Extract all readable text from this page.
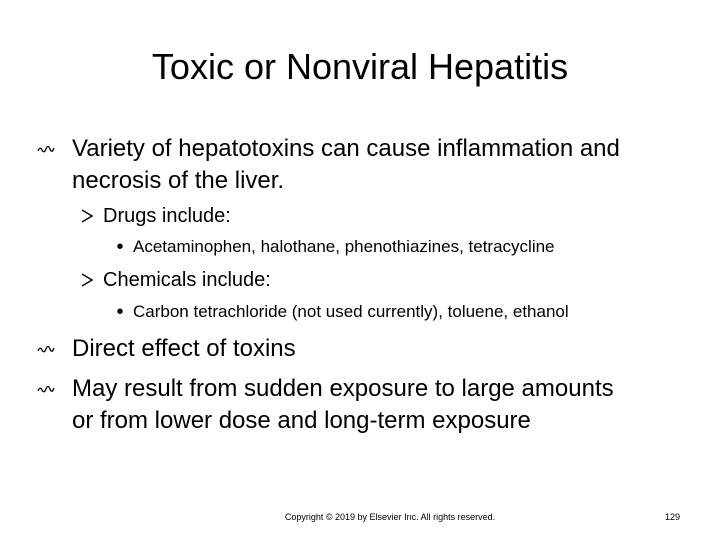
Toxic or Nonviral Hepatitis
Variety of hepatotoxins can cause inflammation and necrosis of the liver.
Drugs include:
• Acetaminophen, halothane, phenothiazines, tetracycline
Chemicals include:
• Carbon tetrachloride (not used currently), toluene, ethanol
Direct effect of toxins
May result from sudden exposure to large amounts or from lower dose and long-term exposure
Copyright © 2019 by Elsevier Inc. All rights reserved.	129
